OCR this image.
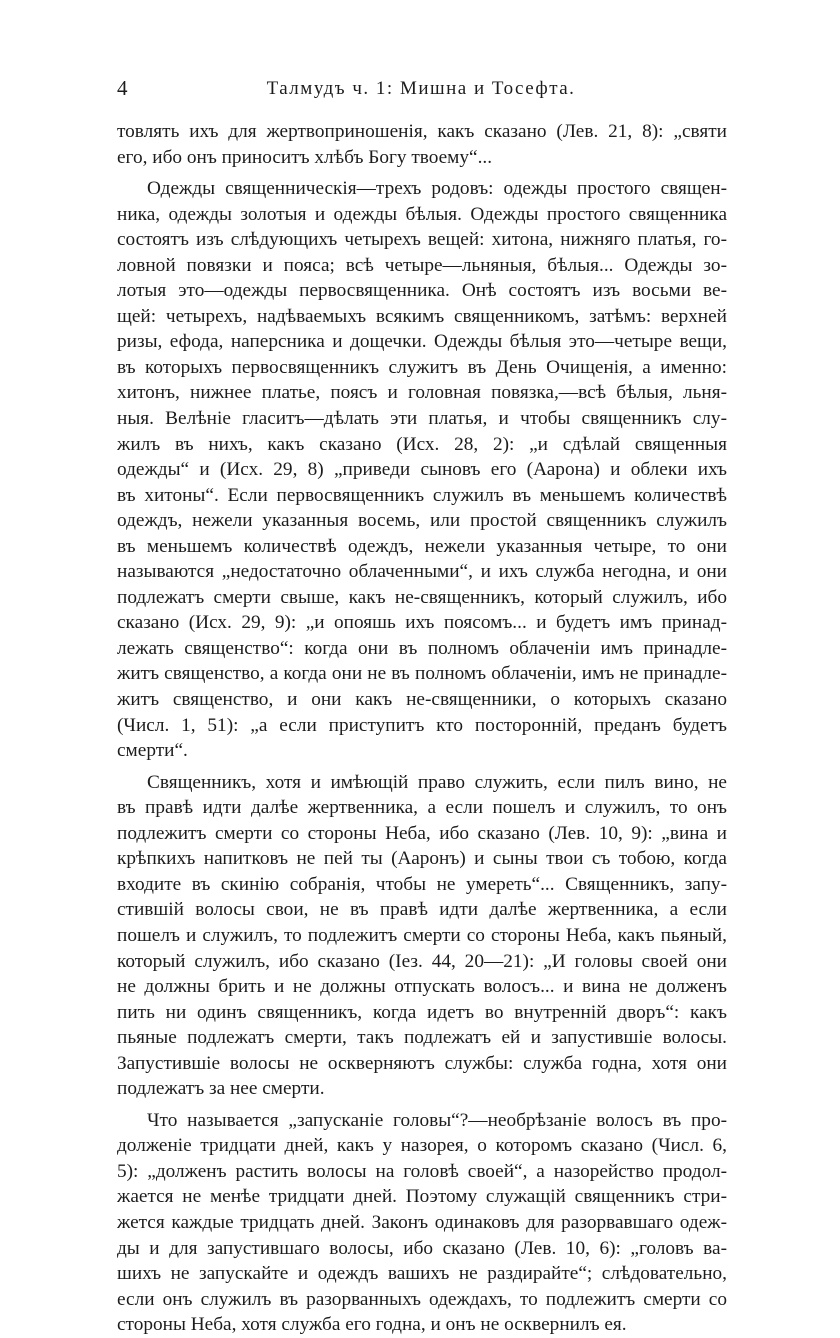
4	Талмудъ ч. 1: Мишна и Тосефта.

товлять ихъ для жертвоприношенія, какъ сказано (Лев. 21, 8): „святи
его, ибо онъ приноситъ хлѣбъ Богу твоему“...

Одежды священническія—трехъ родовъ: одежды простого священ-
ника, одежды золотыя и одежды бѣлыя. Одежды простого священника
состоятъ изъ слѣдующихъ четырехъ вещей: хитона, нижняго платья, го-
ловной повязки и пояса; всѣ четыре—льняныя, бѣлыя... Одежды зо-
лотыя это—одежды первосвященника. Онѣ состоятъ изъ восьми ве-
щей: четырехъ, надѣваемыхъ всякимъ священникомъ, затѣмъ: верхней
ризы, ефода, наперсника и дощечки. Одежды бѣлыя это—четыре вещи,
въ которыхъ первосвященникъ служитъ въ День Очищенія, а именно:
хитонъ, нижнее платье, поясъ и головная повязка,—всѣ бѣлыя, льня-
ныя. Велѣніе гласитъ—дѣлать эти платья, и чтобы священникъ слу-
жилъ въ нихъ, какъ сказано (Исх. 28, 2): „и сдѣлай священныя
одежды“ и (Исх. 29, 8) „приведи сыновъ его (Аарона) и облеки ихъ
въ хитоны“. Если первосвященникъ служилъ въ меньшемъ количествѣ
одеждъ, нежели указанныя восемь, или простой священникъ служилъ
въ меньшемъ количествѣ одеждъ, нежели указанныя четыре, то они
называются „недостаточно облаченными“, и ихъ служба негодна, и они
подлежатъ смерти свыше, какъ не-священникъ, который служилъ, ибо
сказано (Исх. 29, 9): „и опояшь ихъ поясомъ... и будетъ имъ принад-
лежать священство“: когда они въ полномъ облаченіи имъ принадле-
житъ священство, а когда они не въ полномъ облаченіи, имъ не принадле-
житъ священство, и они какъ не-священники, о которыхъ сказано
(Числ. 1, 51): „а если приступитъ кто посторонній, преданъ будетъ
смерти“.

Священникъ, хотя и имѣющій право служить, если пилъ вино, не
въ правѣ идти далѣе жертвенника, а если пошелъ и служилъ, то онъ
подлежитъ смерти со стороны Неба, ибо сказано (Лев. 10, 9): „вина и
крѣпкихъ напитковъ не пей ты (Ааронъ) и сыны твои съ тобою, когда
входите въ скинію собранія, чтобы не умереть“... Священникъ, запу-
стившій волосы свои, не въ правѣ идти далѣе жертвенника, а если
пошелъ и служилъ, то подлежитъ смерти со стороны Неба, какъ пьяный,
который служилъ, ибо сказано (Iез. 44, 20—21): „И головы своей они
не должны брить и не должны отпускать волосъ... и вина не долженъ
пить ни одинъ священникъ, когда идетъ во внутренній дворъ“: какъ
пьяные подлежатъ смерти, такъ подлежатъ ей и запустившіе волосы.
Запустившіе волосы не оскверняютъ службы: служба годна, хотя они
подлежатъ за нее смерти.

Что называется „запусканіе головы“?—необрѣзаніе волосъ въ про-
долженіе тридцати дней, какъ у назорея, о которомъ сказано (Числ. 6,
5): „долженъ растить волосы на головѣ своей“, а назорейство продол-
жается не менѣе тридцати дней. Поэтому служащій священникъ стри-
жется каждые тридцать дней. Законъ одинаковъ для разорвавшаго одеж-
ды и для запустившаго волосы, ибо сказано (Лев. 10, 6): „головъ ва-
шихъ не запускайте и одеждъ вашихъ не раздирайте“; слѣдовательно,
если онъ служилъ въ разорванныхъ одеждахъ, то подлежитъ смерти со
стороны Неба, хотя служба его годна, и онъ не осквернилъ ея.
